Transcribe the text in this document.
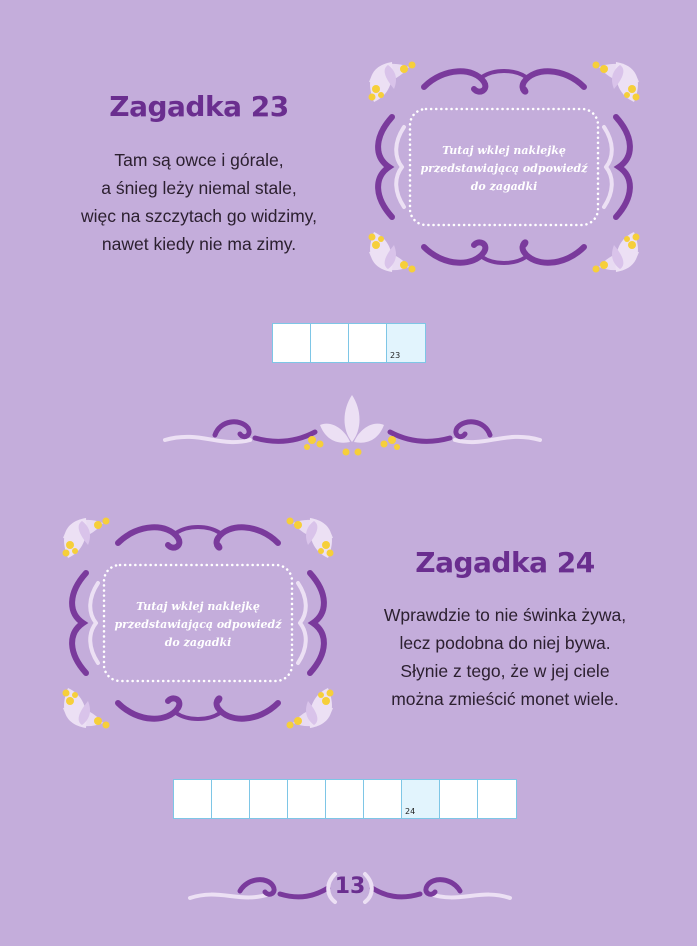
Zagadka 23
Tam są owce i górale,
a śnieg leży niemal stale,
więc na szczytach go widzimy,
nawet kiedy nie ma zimy.
Tutaj wklej naklejkę
przedstawiającą odpowiedź
do zagadki
23
Tutaj wklej naklejkę
przedstawiającą odpowiedź
do zagadki
Zagadka 24
Wprawdzie to nie świnka żywa,
lecz podobna do niej bywa.
Słynie z tego, że w jej ciele
można zmieścić monet wiele.
24
13
